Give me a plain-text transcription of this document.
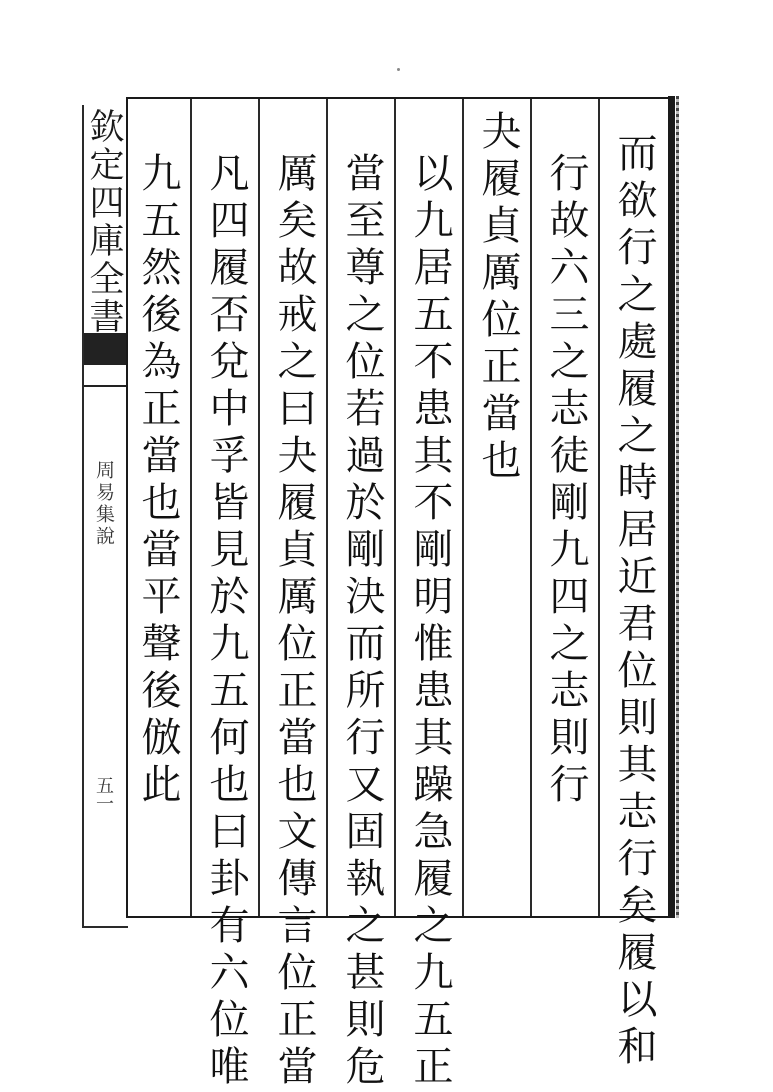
欽定四庫全書
周易集說
五一	而欲行之處履之時居近君位則其志行矣履以和
行故六三之志徒剛九四之志則行
夬履貞厲位正當也
以九居五不患其不剛明惟患其躁急履之九五正
當至尊之位若過於剛決而所行又固執之甚則危
厲矣故戒之曰夬履貞厲位正當也文傳言位正當
凡四履否兌中孚皆見於九五何也曰卦有六位唯
九五然後為正當也當平聲後倣此
